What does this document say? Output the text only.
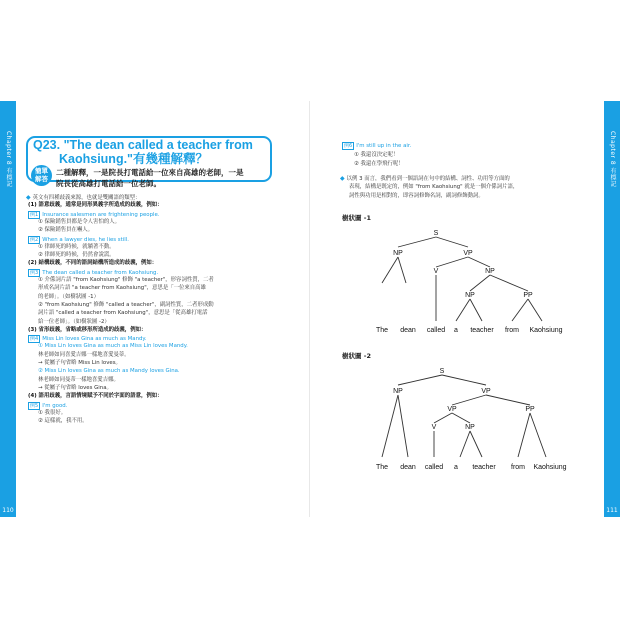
Chapter 8 有標記
110
Q23. "The dean called a teacher from
Kaohsiung."有幾種解釋？
簡單
解答
二種解釋，一是院長打電話給一位來自高雄的老師，一是
院長從高雄打電話給一位老師。
◆ 英文有四種歧義來源，也就是雙關語的類型：
(1) 語意歧義，通常是同形異義字所造成的歧義，例如：
例1 Insurance salesmen are frightening people.
① 保險銷售員都是令人害怕的人。
② 保險銷售員在嚇人。
例2 When a lawyer dies, he lies still.
① 律師死的時候，就躺著不動。
② 律師死的時候，仍然會說謊。
(2) 結構歧義，不同的語詞結構所造成的歧義，例如：
例3 The dean called a teacher from Kaohsiung.
① 介係詞片語 "from Kaohsiung" 修飾 "a teacher"，形容詞性質，二者
形成名詞片語 "a teacher from Kaohsiung"，意思是「一位來自高雄
的老師」。（如樹狀圖 -1）
② "from Kaohsiung" 修飾 "called a teacher"，副詞性質，二者形成動
詞片語 "called a teacher from Kaohsiung"，意思是「從高雄打電話
給一位老師」。（如樹狀圖 -2）
(3) 省形歧義，省略或移形所造成的歧義，例如：
例4 Miss Lin loves Gina as much as Mandy.
① Miss Lin loves Gina as much as Miss Lin loves Mandy.
林老師如同喜愛吉娜一樣地喜愛曼蒂。
→ 從屬子句省略 Miss Lin loves。
② Miss Lin loves Gina as much as Mandy loves Gina.
林老師如同曼蒂一樣地喜愛吉娜。
→ 從屬子句省略 loves Gina。
(4) 語用歧義，言語情境賦予不同於字面的語意，例如：
例5 I'm good.
① 我很好。
② 這樣就，我不用。
Chapter 8 有標記
111
例6 I'm still up in the air.
① 我還沒決定呢！
② 我還在學飛行呢！
◆ 以例 3 而言，我們看到一個語詞在句中的結構、詞性、功用等方面的
表現，結構是既定的，例如 "from Kaohsiung" 就是一個介係詞片語，
詞性與功用是相對的，即容詞修飾名詞，副詞修飾動詞。
樹狀圖 -1
S
NP	VP
V	NP
NP	PP
The dean called a teacher from Kaohsiung
樹狀圖 -2
S
NP	VP
VP	PP
V	NP
The dean called a teacher from Kaohsiung
